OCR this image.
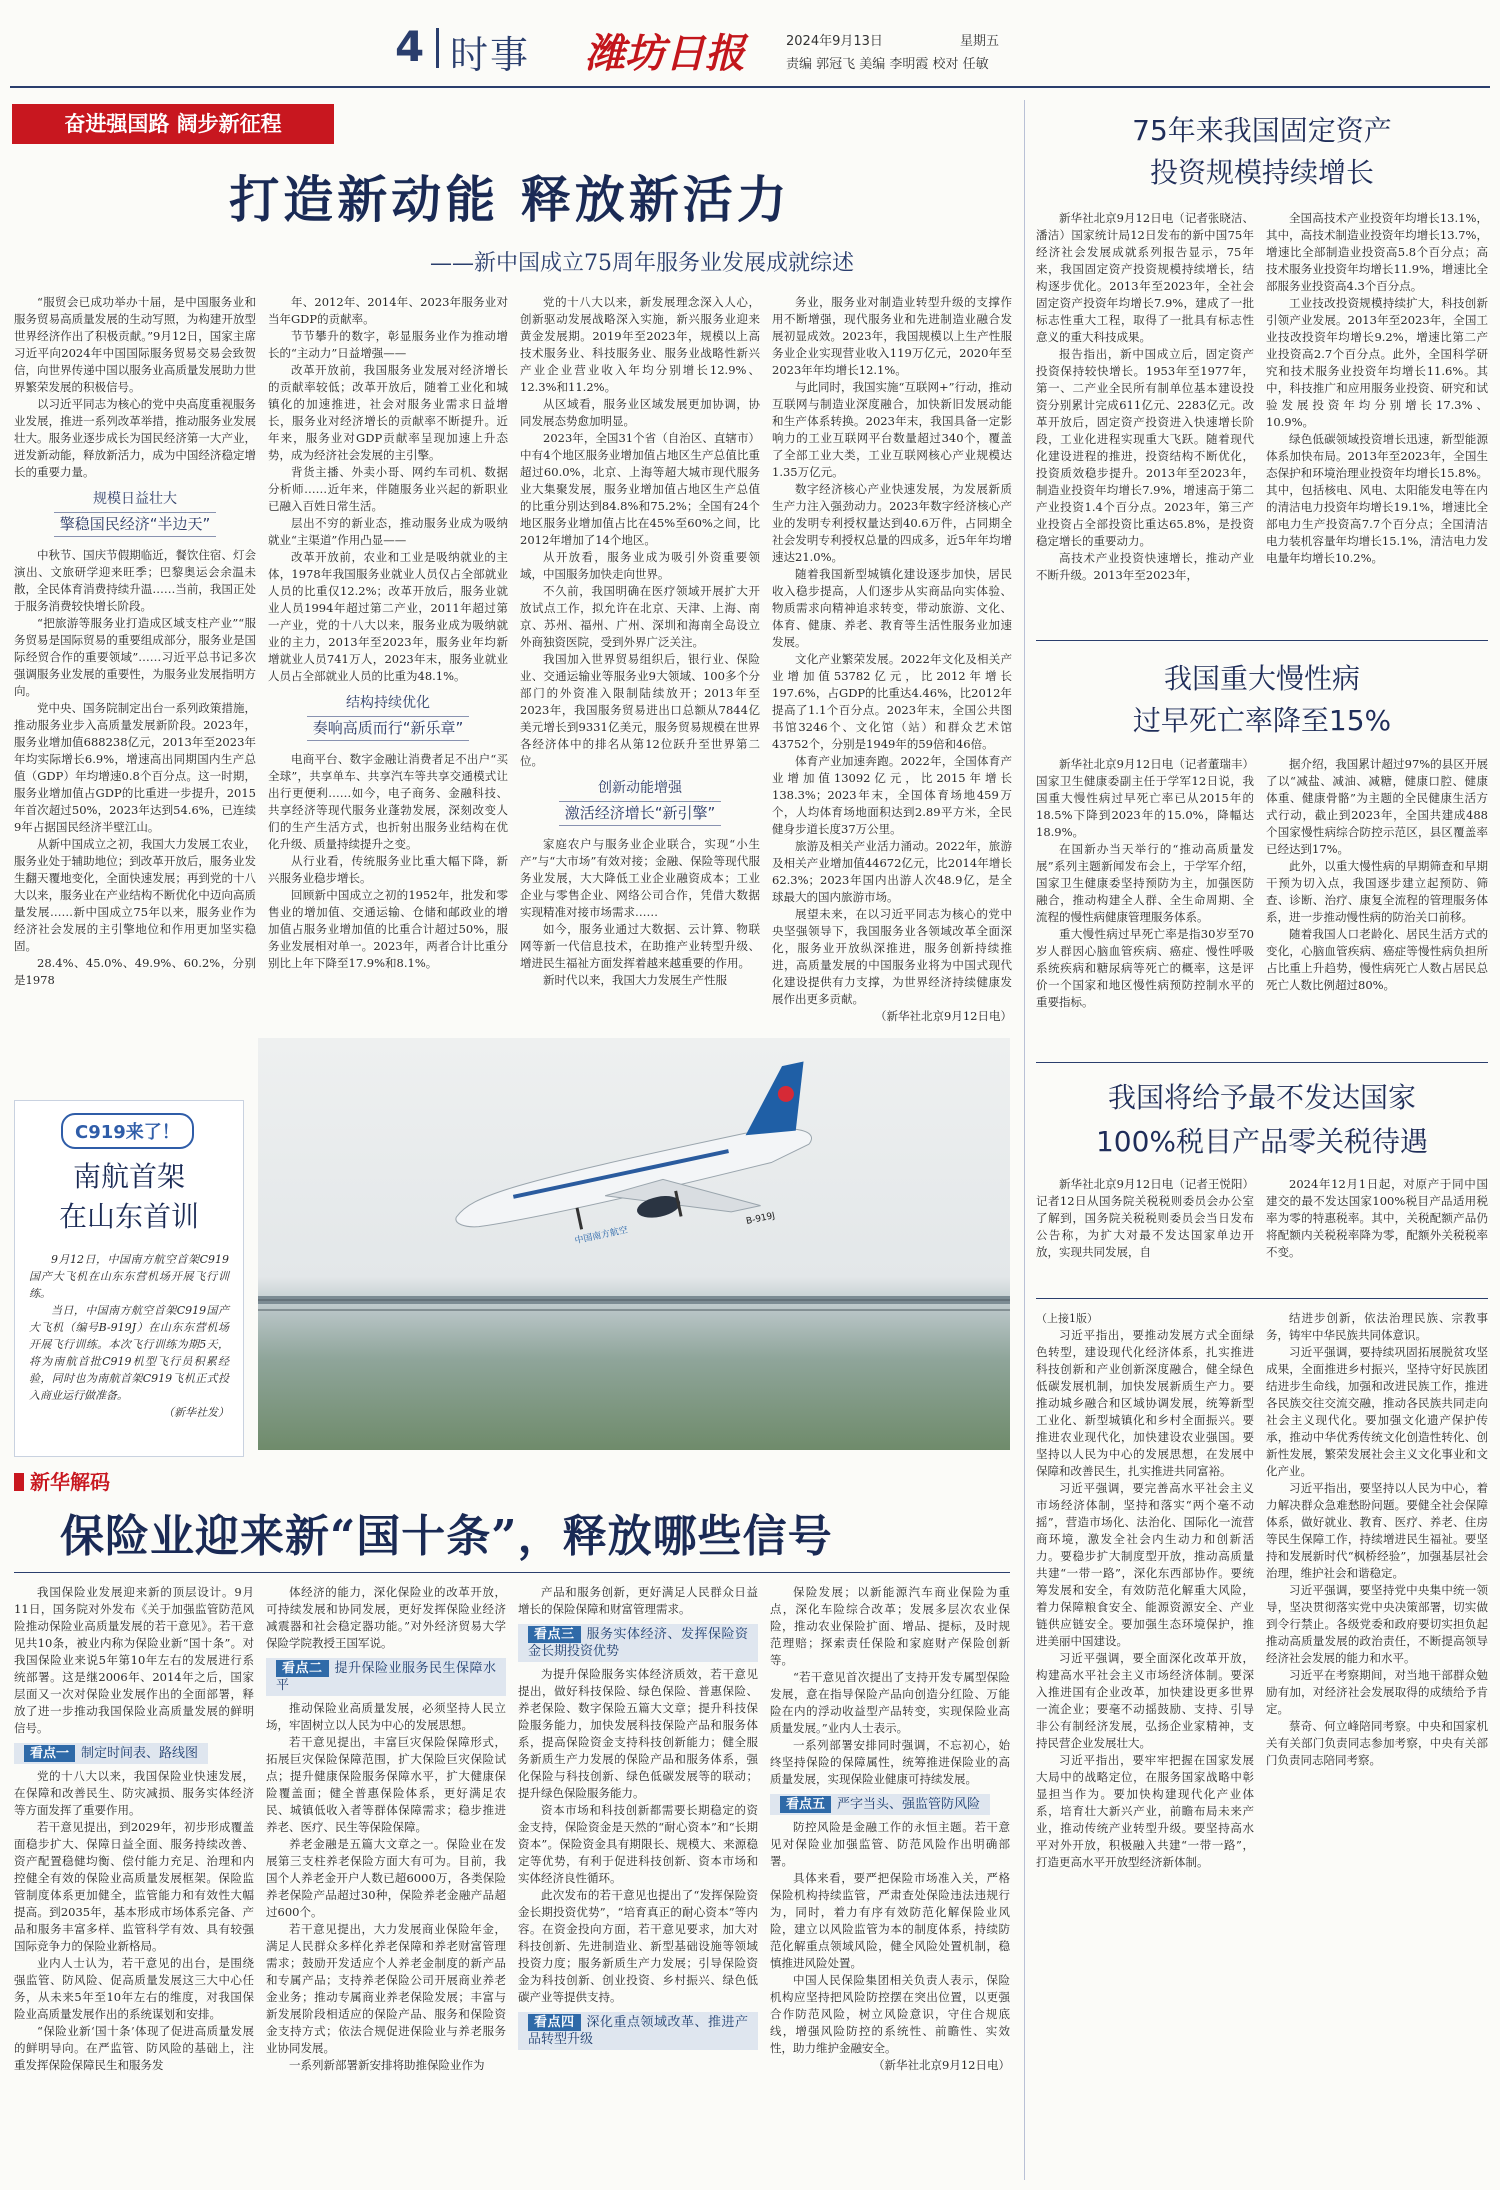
4 时事 潍坊日报	2024年9月13日	星期五
责编 郭冠飞 美编 李明霞 校对 任敏
奋进强国路 阔步新征程
打造新动能 释放新活力
——新中国成立75周年服务业发展成就综述

“服贸会已成功举办十届，是中国服务业和服务贸易高质量发展的生动写照，为构建开放型世界经济作出了积极贡献。”9月12日，国家主席习近平向2024年中国国际服务贸易交易会致贺信，向世界传递中国以服务业高质量发展助力世界繁荣发展的积极信号。

以习近平同志为核心的党中央高度重视服务业发展，推进一系列改革举措，推动服务业发展壮大。服务业逐步成长为国民经济第一大产业，迸发新动能，释放新活力，成为中国经济稳定增长的重要力量。

规模日益壮大
擎稳国民经济“半边天”

中秋节、国庆节假期临近，餐饮住宿、灯会演出、文旅研学迎来旺季；巴黎奥运会余温未散，全民体育消费持续升温……当前，我国正处于服务消费较快增长阶段。

“把旅游等服务业打造成区域支柱产业”“服务贸易是国际贸易的重要组成部分，服务业是国际经贸合作的重要领域”……习近平总书记多次强调服务业发展的重要性，为服务业发展指明方向。

党中央、国务院制定出台一系列政策措施，推动服务业步入高质量发展新阶段。2023年，服务业增加值688238亿元，2013年至2023年年均实际增长6.9%，增速高出同期国内生产总值（GDP）年均增速0.8个百分点。这一时期，服务业增加值占GDP的比重进一步提升，2015年首次超过50%，2023年达到54.6%，已连续9年占据国民经济半壁江山。

从新中国成立之初，我国大力发展工农业，服务业处于辅助地位；到改革开放后，服务业发生翻天覆地变化，全面快速发展；再到党的十八大以来，服务业在产业结构不断优化中迈向高质量发展……新中国成立75年以来，服务业作为经济社会发展的主引擎地位和作用更加坚实稳固。

28.4%、45.0%、49.9%、60.2%，分别是1978

年、2012年、2014年、2023年服务业对当年GDP的贡献率。

节节攀升的数字，彰显服务业作为推动增长的“主动力”日益增强——

改革开放前，我国服务业发展对经济增长的贡献率较低；改革开放后，随着工业化和城镇化的加速推进，社会对服务业需求日益增长，服务业对经济增长的贡献率不断提升。近年来，服务业对GDP贡献率呈现加速上升态势，成为经济社会发展的主引擎。

背货主播、外卖小哥、网约车司机、数据分析师……近年来，伴随服务业兴起的新职业已融入百姓日常生活。

层出不穷的新业态，推动服务业成为吸纳就业“主渠道”作用凸显——

改革开放前，农业和工业是吸纳就业的主体，1978年我国服务业就业人员仅占全部就业人员的比重仅12.2%；改革开放后，服务业就业人员1994年超过第二产业，2011年超过第一产业，党的十八大以来，服务业成为吸纳就业的主力，2013年至2023年，服务业年均新增就业人员741万人，2023年末，服务业就业人员占全部就业人员的比重为48.1%。

结构持续优化
奏响高质而行“新乐章”

电商平台、数字金融让消费者足不出户“买全球”，共享单车、共享汽车等共享交通模式让出行更便利……如今，电子商务、金融科技、共享经济等现代服务业蓬勃发展，深刻改变人们的生产生活方式，也折射出服务业结构在优化升级、质量持续提升之变。

从行业看，传统服务业比重大幅下降，新兴服务业稳步增长。

回顾新中国成立之初的1952年，批发和零售业的增加值、交通运输、仓储和邮政业的增加值占服务业增加值的比重合计超过50%，服务业发展相对单一。2023年，两者合计比重分别比上年下降至17.9%和8.1%。

党的十八大以来，新发展理念深入人心，创新驱动发展战略深入实施，新兴服务业迎来黄金发展期。2019年至2023年，规模以上高技术服务业、科技服务业、服务业战略性新兴产业企业营业收入年均分别增长12.9%、12.3%和11.2%。

从区域看，服务业区域发展更加协调，协同发展态势愈加明显。

2023年，全国31个省（自治区、直辖市）中有4个地区服务业增加值占地区生产总值比重超过60.0%，北京、上海等超大城市现代服务业大集聚发展，服务业增加值占地区生产总值的比重分别达到84.8%和75.2%；全国有24个地区服务业增加值占比在45%至60%之间，比2012年增加了14个地区。

从开放看，服务业成为吸引外资重要领域，中国服务加快走向世界。

不久前，我国明确在医疗领域开展扩大开放试点工作，拟允许在北京、天津、上海、南京、苏州、福州、广州、深圳和海南全岛设立外商独资医院，受到外界广泛关注。

我国加入世界贸易组织后，银行业、保险业、交通运输业等服务业9大领域、100多个分部门的外资准入限制陆续放开；2013年至2023年，我国服务贸易进出口总额从7844亿美元增长到9331亿美元，服务贸易规模在世界各经济体中的排名从第12位跃升至世界第二位。

创新动能增强
激活经济增长“新引擎”

家庭农户与服务业企业联合，实现“小生产”与“大市场”有效对接；金融、保险等现代服务业发展，大大降低工业企业融资成本；工业企业与零售企业、网络公司合作，凭借大数据实现精准对接市场需求……

如今，服务业通过大数据、云计算、物联网等新一代信息技术，在助推产业转型升级、增进民生福祉方面发挥着越来越重要的作用。

新时代以来，我国大力发展生产性服

务业，服务业对制造业转型升级的支撑作用不断增强，现代服务业和先进制造业融合发展初显成效。2023年，我国规模以上生产性服务业企业实现营业收入119万亿元，2020年至2023年年均增长12.1%。

与此同时，我国实施“互联网+”行动，推动互联网与制造业深度融合，加快新旧发展动能和生产体系转换。2023年末，我国具备一定影响力的工业互联网平台数量超过340个，覆盖了全部工业大类，工业互联网核心产业规模达1.35万亿元。

数字经济核心产业快速发展，为发展新质生产力注入强劲动力。2023年数字经济核心产业的发明专利授权量达到40.6万件，占同期全社会发明专利授权总量的四成多，近5年年均增速达21.0%。

随着我国新型城镇化建设逐步加快，居民收入稳步提高，人们逐步从实商品向实体验、物质需求向精神追求转变，带动旅游、文化、体育、健康、养老、教育等生活性服务业加速发展。

文化产业繁荣发展。2022年文化及相关产业增加值53782亿元，比2012年增长197.6%，占GDP的比重达4.46%，比2012年提高了1.1个百分点。2023年末，全国公共图书馆3246个、文化馆（站）和群众艺术馆43752个，分别是1949年的59倍和46倍。

体育产业加速奔跑。2022年，全国体育产业增加值13092亿元，比2015年增长138.3%；2023年末，全国体育场地459万个，人均体育场地面积达到2.89平方米，全民健身步道长度37万公里。

旅游及相关产业活力涌动。2022年，旅游及相关产业增加值44672亿元，比2014年增长62.3%；2023年国内出游人次48.9亿，是全球最大的国内旅游市场。

展望未来，在以习近平同志为核心的党中央坚强领导下，我国服务业各领域改革全面深化，服务业开放纵深推进，服务创新持续推进，高质量发展的中国服务业将为中国式现代化建设提供有力支撑，为世界经济持续健康发展作出更多贡献。

（新华社北京9月12日电）

中国南方航空
B-919J
C919来了！
南航首架
在山东首训

9月12日，中国南方航空首架C919国产大飞机在山东东营机场开展飞行训练。

当日，中国南方航空首架C919国产大飞机（编号B-919J）在山东东营机场开展飞行训练。本次飞行训练为期5天，将为南航首批C919机型飞行员积累经验，同时也为南航首架C919飞机正式投入商业运行做准备。

（新华社发）

新华解码
保险业迎来新“国十条”，释放哪些信号

我国保险业发展迎来新的顶层设计。9月11日，国务院对外发布《关于加强监管防范风险推动保险业高质量发展的若干意见》。若干意见共10条，被业内称为保险业新“国十条”。对我国保险业来说5年第10年左右的发展进行系统部署。这是继2006年、2014年之后，国家层面又一次对保险业发展作出的全面部署，释放了进一步推动我国保险业高质量发展的鲜明信号。

看点一 制定时间表、路线图

党的十八大以来，我国保险业快速发展，在保障和改善民生、防灾减损、服务实体经济等方面发挥了重要作用。

若干意见提出，到2029年，初步形成覆盖面稳步扩大、保障日益全面、服务持续改善、资产配置稳健均衡、偿付能力充足、治理和内控健全有效的保险业高质量发展框架。保险监管制度体系更加健全，监管能力和有效性大幅提高。到2035年，基本形成市场体系完备、产品和服务丰富多样、监管科学有效、具有较强国际竞争力的保险业新格局。

业内人士认为，若干意见的出台，是围绕强监管、防风险、促高质量发展这三大中心任务，从未来5年至10年左右的维度，对我国保险业高质量发展作出的系统谋划和安排。

“保险业新‘国十条’体现了促进高质量发展的鲜明导向。在严监管、防风险的基础上，注重发挥保险保障民生和服务发

体经济的能力，深化保险业的改革开放，可持续发展和协同发展，更好发挥保险业经济减震器和社会稳定器功能。”对外经济贸易大学保险学院教授王国军说。

看点二 提升保险业服务民生保障水平

推动保险业高质量发展，必须坚持人民立场，牢固树立以人民为中心的发展思想。

若干意见提出，丰富巨灾保险保障形式，拓展巨灾保险保障范围，扩大保险巨灾保险试点；提升健康保险服务保障水平，扩大健康保险覆盖面；健全普惠保险体系，更好满足农民、城镇低收入者等群体保障需求；稳步推进养老、医疗、民生等保险保障。

养老金融是五篇大文章之一。保险业在发展第三支柱养老保险方面大有可为。目前，我国个人养老金开户人数已超6000万，各类保险养老保险产品超过30种，保险养老金融产品超过600个。

若干意见提出，大力发展商业保险年金，满足人民群众多样化养老保障和养老财富管理需求；鼓励开发适应个人养老金制度的新产品和专属产品；支持养老保险公司开展商业养老金业务；推动专属商业养老保险发展；丰富与新发展阶段相适应的保险产品、服务和保险资金支持方式；依法合规促进保险业与养老服务业协同发展。

一系列新部署新安排将助推保险业作为

产品和服务创新，更好满足人民群众日益增长的保险保障和财富管理需求。

看点三 服务实体经济、发挥保险资金长期投资优势

为提升保险服务实体经济质效，若干意见提出，做好科技保险、绿色保险、普惠保险、养老保险、数字保险五篇大文章；提升科技保险服务能力，加快发展科技保险产品和服务体系，提高保险资金支持科技创新能力；健全服务新质生产力发展的保险产品和服务体系，强化保险与科技创新、绿色低碳发展等的联动；提升绿色保险服务能力。

资本市场和科技创新都需要长期稳定的资金支持，保险资金是天然的“耐心资本”和“长期资本”。保险资金具有期限长、规模大、来源稳定等优势，有利于促进科技创新、资本市场和实体经济良性循环。

此次发布的若干意见也提出了“发挥保险资金长期投资优势”，“培育真正的耐心资本”等内容。在资金投向方面，若干意见要求，加大对科技创新、先进制造业、新型基础设施等领域投资力度；服务新质生产力发展；引导保险资金为科技创新、创业投资、乡村振兴、绿色低碳产业等提供支持。

看点四 深化重点领域改革、推进产品转型升级

保险发展；以新能源汽车商业保险为重点，深化车险综合改革；发展多层次农业保险，推动农业保险扩面、增品、提标，及时规范理赔；探索责任保险和家庭财产保险创新等。

“若干意见首次提出了支持开发专属型保险发展，意在指导保险产品向创造分红险、万能险在内的浮动收益型产品转变，实现保险业高质量发展。”业内人士表示。

一系列部署安排同时强调，不忘初心，始终坚持保险的保障属性，统筹推进保险业的高质量发展，实现保险业健康可持续发展。

看点五 严字当头、强监管防风险

防控风险是金融工作的永恒主题。若干意见对保险业加强监管、防范风险作出明确部署。

具体来看，要严把保险市场准入关，严格保险机构持续监管，严肃查处保险违法违规行为，同时，着力有序有效防范化解保险业风险，建立以风险监管为本的制度体系，持续防范化解重点领域风险，健全风险处置机制，稳慎推进风险处置。

中国人民保险集团相关负责人表示，保险机构应坚持把风险防控摆在突出位置，以更强合作防范风险，树立风险意识，守住合规底线，增强风险防控的系统性、前瞻性、实效性，助力维护金融安全。

（新华社北京9月12日电）

75年来我国固定资产
投资规模持续增长

新华社北京9月12日电（记者张晓洁、潘洁）国家统计局12日发布的新中国75年经济社会发展成就系列报告显示，75年来，我国固定资产投资规模持续增长，结构逐步优化。2013年至2023年，全社会固定资产投资年均增长7.9%，建成了一批标志性重大工程，取得了一批具有标志性意义的重大科技成果。

报告指出，新中国成立后，固定资产投资保持较快增长。1953年至1977年，第一、二产业全民所有制单位基本建设投资分别累计完成611亿元、2283亿元。改革开放后，固定资产投资进入快速增长阶段，工业化进程实现重大飞跃。随着现代化建设进程的推进，投资结构不断优化，投资质效稳步提升。2013年至2023年，制造业投资年均增长7.9%，增速高于第二产业投资1.4个百分点。2023年，第三产业投资占全部投资比重达65.8%，是投资稳定增长的重要动力。

高技术产业投资快速增长，推动产业不断升级。2013年至2023年，

全国高技术产业投资年均增长13.1%，其中，高技术制造业投资年均增长13.7%，增速比全部制造业投资高5.8个百分点；高技术服务业投资年均增长11.9%，增速比全部服务业投资高4.3个百分点。

工业技改投资规模持续扩大，科技创新引领产业发展。2013年至2023年，全国工业技改投资年均增长9.2%，增速比第二产业投资高2.7个百分点。此外，全国科学研究和技术服务业投资年均增长11.6%。其中，科技推广和应用服务业投资、研究和试验发展投资年均分别增长17.3%、10.9%。

绿色低碳领域投资增长迅速，新型能源体系加快布局。2013年至2023年，全国生态保护和环境治理业投资年均增长15.8%。其中，包括核电、风电、太阳能发电等在内的清洁电力投资年均增长19.1%，增速比全部电力生产投资高7.7个百分点；全国清洁电力装机容量年均增长15.1%，清洁电力发电量年均增长10.2%。

我国重大慢性病
过早死亡率降至15%

新华社北京9月12日电（记者董瑞丰）国家卫生健康委副主任于学军12日说，我国重大慢性病过早死亡率已从2015年的18.5%下降到2023年的15.0%，降幅达18.9%。

在国新办当天举行的“推动高质量发展”系列主题新闻发布会上，于学军介绍，国家卫生健康委坚持预防为主，加强医防融合，推动构建全人群、全生命周期、全流程的慢性病健康管理服务体系。

重大慢性病过早死亡率是指30岁至70岁人群因心脑血管疾病、癌症、慢性呼吸系统疾病和糖尿病等死亡的概率，这是评价一个国家和地区慢性病预防控制水平的重要指标。

据介绍，我国累计超过97%的县区开展了以“减盐、减油、减糖，健康口腔、健康体重、健康骨骼”为主题的全民健康生活方式行动，截止到2023年，全国共建成488个国家慢性病综合防控示范区，县区覆盖率已经达到17%。

此外，以重大慢性病的早期筛查和早期干预为切入点，我国逐步建立起预防、筛查、诊断、治疗、康复全流程的管理服务体系，进一步推动慢性病的防治关口前移。

随着我国人口老龄化、居民生活方式的变化，心脑血管疾病、癌症等慢性病负担所占比重上升趋势，慢性病死亡人数占居民总死亡人数比例超过80%。

我国将给予最不发达国家
100%税目产品零关税待遇

新华社北京9月12日电（记者王悦阳）记者12日从国务院关税税则委员会办公室了解到，国务院关税税则委员会当日发布公告称，为扩大对最不发达国家单边开放，实现共同发展，自

2024年12月1日起，对原产于同中国建交的最不发达国家100%税目产品适用税率为零的特惠税率。其中，关税配额产品仍将配额内关税税率降为零，配额外关税税率不变。

（上接1版）

习近平指出，要推动发展方式全面绿色转型，建设现代化经济体系，扎实推进科技创新和产业创新深度融合，健全绿色低碳发展机制，加快发展新质生产力。要推动城乡融合和区域协调发展，统筹新型工业化、新型城镇化和乡村全面振兴。要推进农业现代化，加快建设农业强国。要坚持以人民为中心的发展思想，在发展中保障和改善民生，扎实推进共同富裕。

习近平强调，要完善高水平社会主义市场经济体制，坚持和落实“两个毫不动摇”，营造市场化、法治化、国际化一流营商环境，激发全社会内生动力和创新活力。要稳步扩大制度型开放，推动高质量共建“一带一路”，深化东西部协作。要统筹发展和安全，有效防范化解重大风险，着力保障粮食安全、能源资源安全、产业链供应链安全。要加强生态环境保护，推进美丽中国建设。

习近平强调，要全面深化改革开放，构建高水平社会主义市场经济体制。要深入推进国有企业改革，加快建设更多世界一流企业；要毫不动摇鼓励、支持、引导非公有制经济发展，弘扬企业家精神，支持民营企业发展壮大。

习近平指出，要牢牢把握在国家发展大局中的战略定位，在服务国家战略中彰显担当作为。要加快构建现代化产业体系，培育壮大新兴产业，前瞻布局未来产业，推动传统产业转型升级。要坚持高水平对外开放，积极融入共建“一带一路”，打造更高水平开放型经济新体制。

结进步创新，依法治理民族、宗教事务，铸牢中华民族共同体意识。

习近平强调，要持续巩固拓展脱贫攻坚成果，全面推进乡村振兴，坚持守好民族团结进步生命线，加强和改进民族工作，推进各民族交往交流交融，推动各民族共同走向社会主义现代化。要加强文化遗产保护传承，推动中华优秀传统文化创造性转化、创新性发展，繁荣发展社会主义文化事业和文化产业。

习近平指出，要坚持以人民为中心，着力解决群众急难愁盼问题。要健全社会保障体系，做好就业、教育、医疗、养老、住房等民生保障工作，持续增进民生福祉。要坚持和发展新时代“枫桥经验”，加强基层社会治理，维护社会和谐稳定。

习近平强调，要坚持党中央集中统一领导，坚决贯彻落实党中央决策部署，切实做到令行禁止。各级党委和政府要切实担负起推动高质量发展的政治责任，不断提高领导经济社会发展的能力和水平。

习近平在考察期间，对当地干部群众勉励有加，对经济社会发展取得的成绩给予肯定。

蔡奇、何立峰陪同考察。中央和国家机关有关部门负责同志参加考察，中央有关部门负责同志陪同考察。
